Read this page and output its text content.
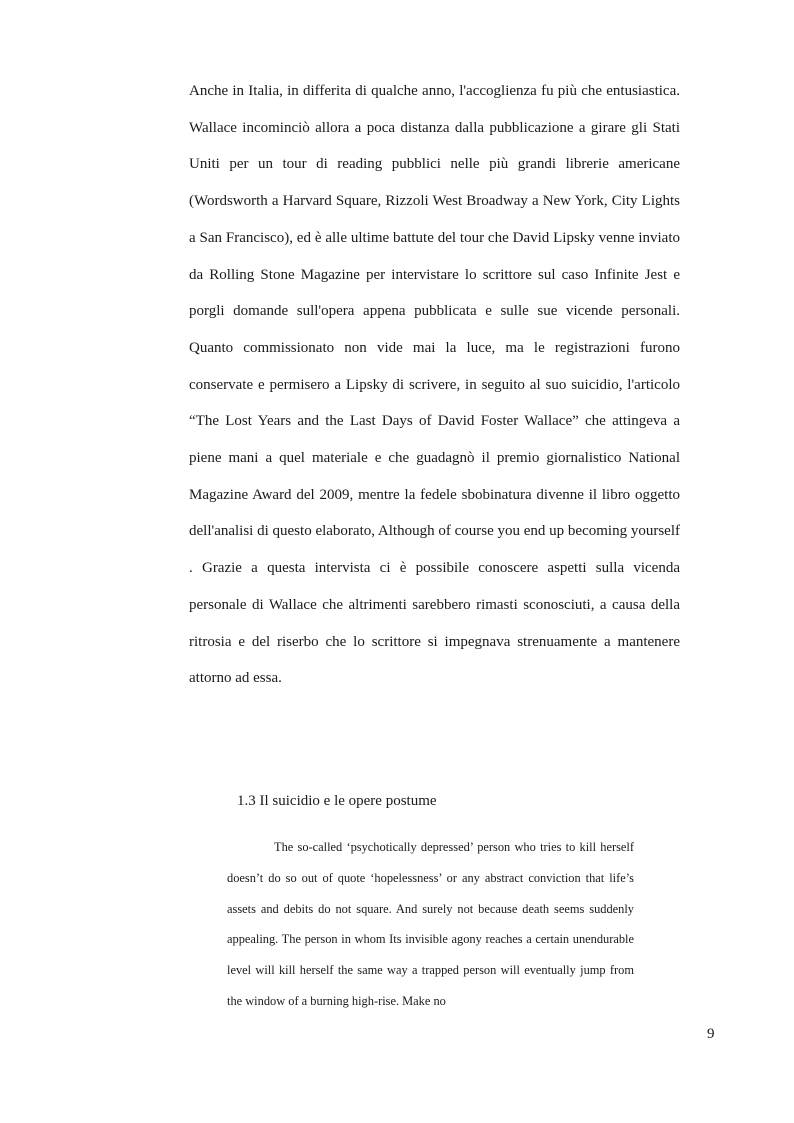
Anche in Italia, in differita di qualche anno, l'accoglienza fu più che entusiastica. Wallace incominciò allora a poca distanza dalla pubblicazione a girare gli Stati Uniti per un tour di reading pubblici nelle più grandi librerie americane (Wordsworth a Harvard Square, Rizzoli West Broadway a New York, City Lights a San Francisco), ed è alle ultime battute del tour che David Lipsky venne inviato da Rolling Stone Magazine per intervistare lo scrittore sul caso Infinite Jest e porgli domande sull'opera appena pubblicata e sulle sue vicende personali. Quanto commissionato non vide mai la luce, ma le registrazioni furono conservate e permisero a Lipsky di scrivere, in seguito al suo suicidio, l'articolo “The Lost Years and the Last Days of David Foster Wallace” che attingeva a piene mani a quel materiale e che guadagnò il premio giornalistico National Magazine Award del 2009, mentre la fedele sbobinatura divenne il libro oggetto dell'analisi di questo elaborato, Although of course you end up becoming yourself . Grazie a questa intervista ci è possibile conoscere aspetti sulla vicenda personale di Wallace che altrimenti sarebbero rimasti sconosciuti, a causa della ritrosia e del riserbo che lo scrittore si impegnava strenuamente a mantenere attorno ad essa.

1.3 Il suicidio e le opere postume

The so-called ‘psychotically depressed’ person who tries to kill herself doesn’t do so out of quote ‘hopelessness’ or any abstract conviction that life’s assets and debits do not square. And surely not because death seems suddenly appealing. The person in whom Its invisible agony reaches a certain unendurable level will kill herself the same way a trapped person will eventually jump from the window of a burning high-rise. Make no

9
